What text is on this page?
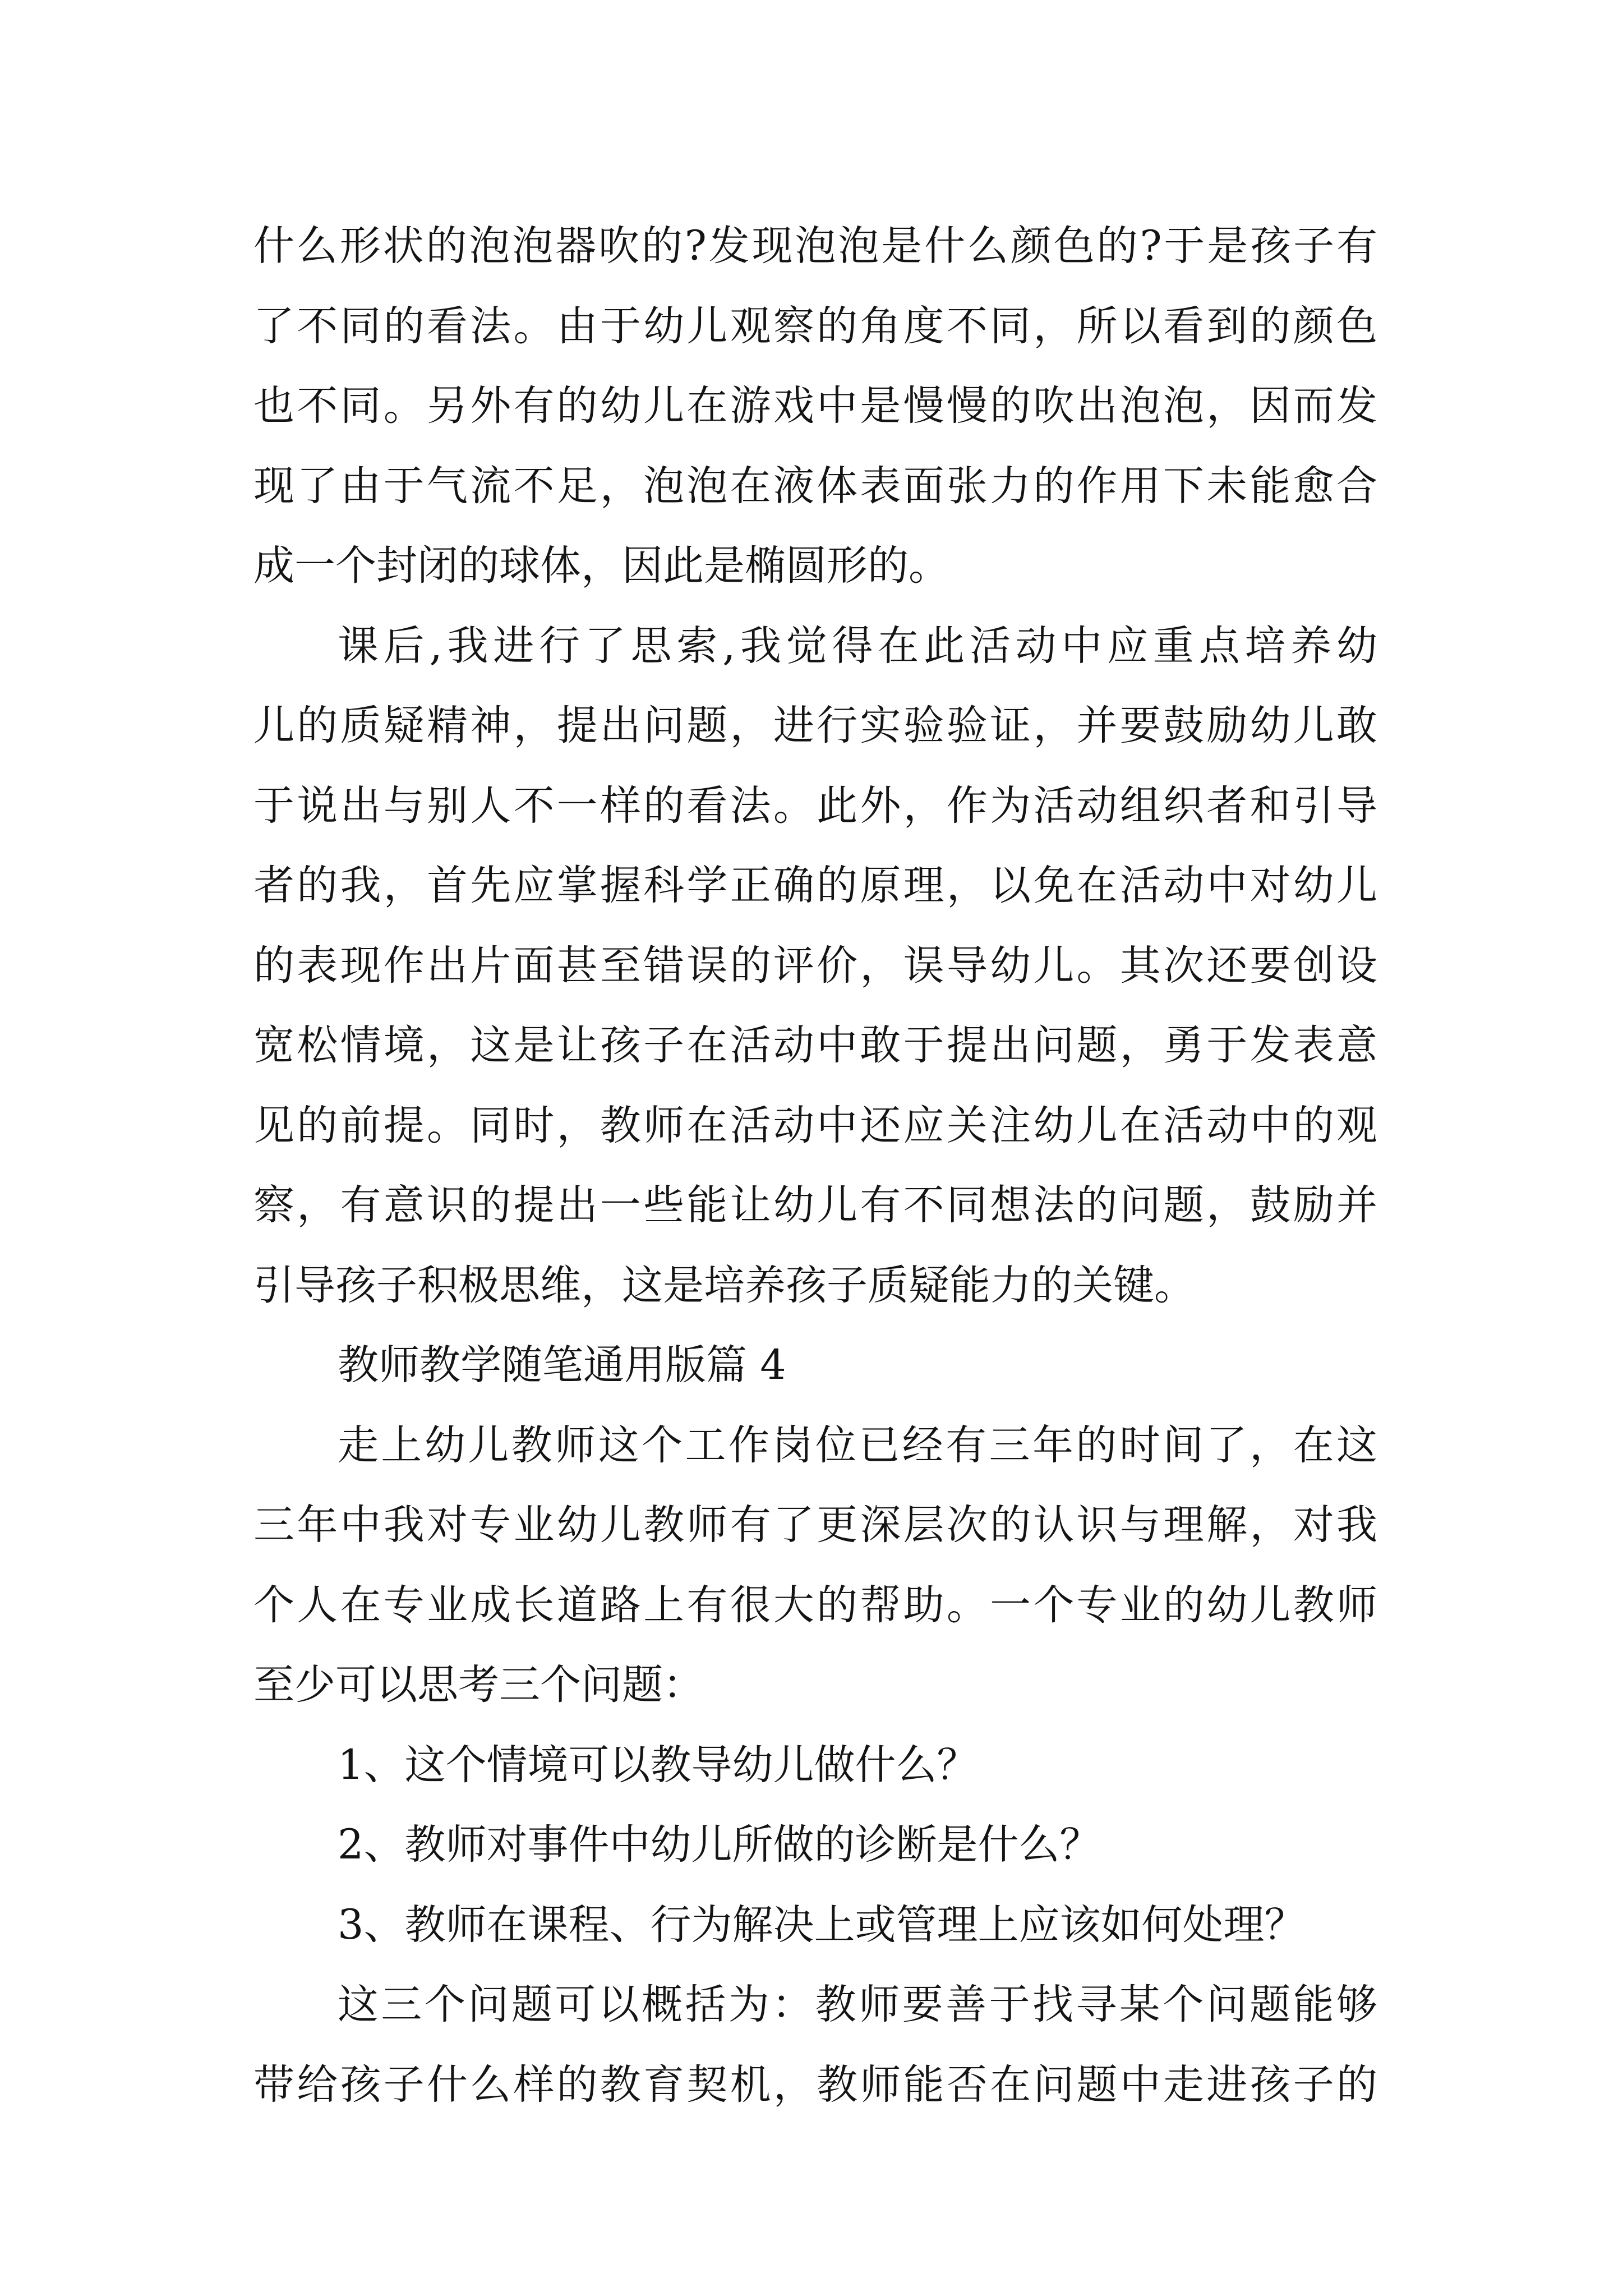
什么形状的泡泡器吹的?发现泡泡是什么颜色的?于是孩子有
了不同的看法。由于幼儿观察的角度不同，所以看到的颜色
也不同。另外有的幼儿在游戏中是慢慢的吹出泡泡，因而发
现了由于气流不足，泡泡在液体表面张力的作用下未能愈合
成一个封闭的球体，因此是椭圆形的。
课后,我进行了思索,我觉得在此活动中应重点培养幼
儿的质疑精神，提出问题，进行实验验证，并要鼓励幼儿敢
于说出与别人不一样的看法。此外，作为活动组织者和引导
者的我，首先应掌握科学正确的原理，以免在活动中对幼儿
的表现作出片面甚至错误的评价，误导幼儿。其次还要创设
宽松情境，这是让孩子在活动中敢于提出问题，勇于发表意
见的前提。同时，教师在活动中还应关注幼儿在活动中的观
察，有意识的提出一些能让幼儿有不同想法的问题，鼓励并
引导孩子积极思维，这是培养孩子质疑能力的关键。
教师教学随笔通用版篇 4
走上幼儿教师这个工作岗位已经有三年的时间了，在这
三年中我对专业幼儿教师有了更深层次的认识与理解，对我
个人在专业成长道路上有很大的帮助。一个专业的幼儿教师
至少可以思考三个问题：
1、这个情境可以教导幼儿做什么？
2、教师对事件中幼儿所做的诊断是什么？
3、教师在课程、行为解决上或管理上应该如何处理？
这三个问题可以概括为：教师要善于找寻某个问题能够
带给孩子什么样的教育契机，教师能否在问题中走进孩子的
